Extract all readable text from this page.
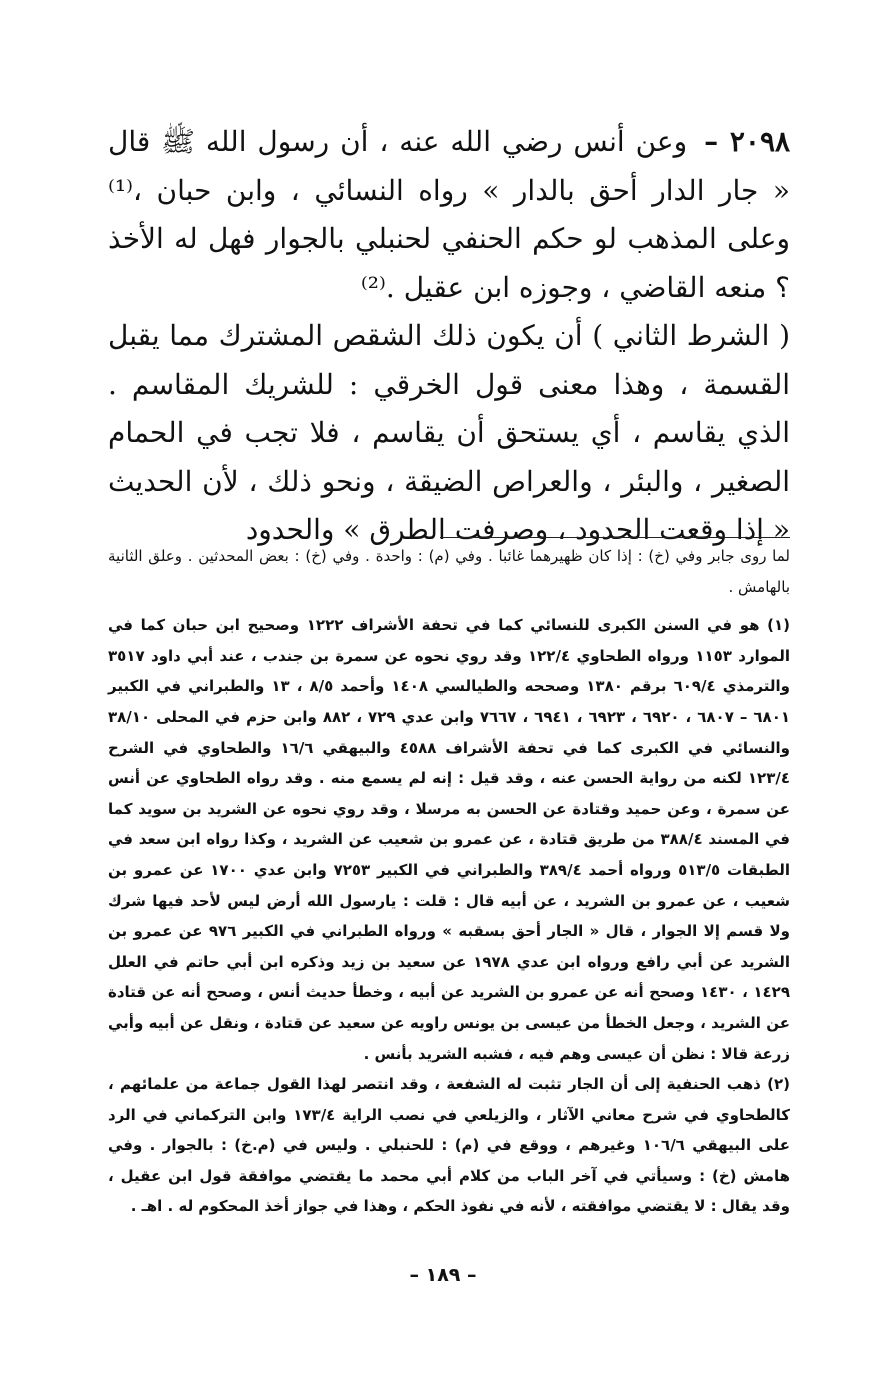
٢٠٩٨ – وعن أنس رضي الله عنه ، أن رسول الله ﷺ قال « جار الدار أحق بالدار » رواه النسائي ، وابن حبان ،⁽¹⁾ وعلى المذهب لو حكم الحنفي لحنبلي بالجوار فهل له الأخذ ؟ منعه القاضي ، وجوزه ابن عقيل .⁽²⁾

( الشرط الثاني ) أن يكون ذلك الشقص المشترك مما يقبل القسمة ، وهذا معنى قول الخرقي : للشريك المقاسم . الذي يقاسم ، أي يستحق أن يقاسم ، فلا تجب في الحمام الصغير ، والبئر ، والعراص الضيقة ، ونحو ذلك ، لأن الحديث « إذا وقعت الحدود ، وصرفت الطرق » والحدود

لما روى جابر وفي (خ) : إذا كان ظهيرهما غائبا . وفي (م) : واحدة . وفي (خ) : بعض المحدثين . وعلق الثانية بالهامش .

(١) هو في السنن الكبرى للنسائي كما في تحفة الأشراف ١٢٢٢ وصحيح ابن حبان كما في الموارد ١١٥٣ ورواه الطحاوي ١٢٢/٤ وقد روي نحوه عن سمرة بن جندب ، عند أبي داود ٣٥١٧ والترمذي ٦٠٩/٤ برقم ١٣٨٠ وصححه والطيالسي ١٤٠٨ وأحمد ٨/٥ ، ١٣ والطبراني في الكبير ٦٨٠١ – ٦٨٠٧ ، ٦٩٢٠ ، ٦٩٢٣ ، ٦٩٤١ ، ٧٦٦٧ وابن عدي ٧٢٩ ، ٨٨٢ وابن حزم في المحلى ٣٨/١٠ والنسائي في الكبرى كما في تحفة الأشراف ٤٥٨٨ والبيهقي ١٦/٦ والطحاوي في الشرح ١٢٣/٤ لكنه من رواية الحسن عنه ، وقد قيل : إنه لم يسمع منه . وقد رواه الطحاوي عن أنس عن سمرة ، وعن حميد وقتادة عن الحسن به مرسلا ، وقد روي نحوه عن الشريد بن سويد كما في المسند ٣٨٨/٤ من طريق قتادة ، عن عمرو بن شعيب عن الشريد ، وكذا رواه ابن سعد في الطبقات ٥١٣/٥ ورواه أحمد ٣٨٩/٤ والطبراني في الكبير ٧٢٥٣ وابن عدي ١٧٠٠ عن عمرو بن شعيب ، عن عمرو بن الشريد ، عن أبيه قال : قلت : يارسول الله أرض ليس لأحد فيها شرك ولا قسم إلا الجوار ، قال « الجار أحق بسقبه » ورواه الطبراني في الكبير ٩٧٦ عن عمرو بن الشريد عن أبي رافع ورواه ابن عدي ١٩٧٨ عن سعيد بن زيد وذكره ابن أبي حاتم في العلل ١٤٢٩ ، ١٤٣٠ وصحح أنه عن عمرو بن الشريد عن أبيه ، وخطأ حديث أنس ، وصحح أنه عن قتادة عن الشريد ، وجعل الخطأ من عيسى بن يونس راويه عن سعيد عن قتادة ، ونقل عن أبيه وأبي زرعة قالا : نظن أن عيسى وهم فيه ، فشبه الشريد بأنس .

(٢) ذهب الحنفية إلى أن الجار تثبت له الشفعة ، وقد انتصر لهذا القول جماعة من علمائهم ، كالطحاوي في شرح معاني الآثار ، والزيلعي في نصب الراية ١٧٣/٤ وابن التركماني في الرد على البيهقي ١٠٦/٦ وغيرهم ، ووقع في (م) : للحنبلي . وليس في (م.خ) : بالجوار . وفي هامش (خ) : وسيأتي في آخر الباب من كلام أبي محمد ما يقتضي موافقة قول ابن عقيل ، وقد يقال : لا يقتضي موافقته ، لأنه في نفوذ الحكم ، وهذا في جواز أخذ المحكوم له . اهـ .

– ١٨٩ –
